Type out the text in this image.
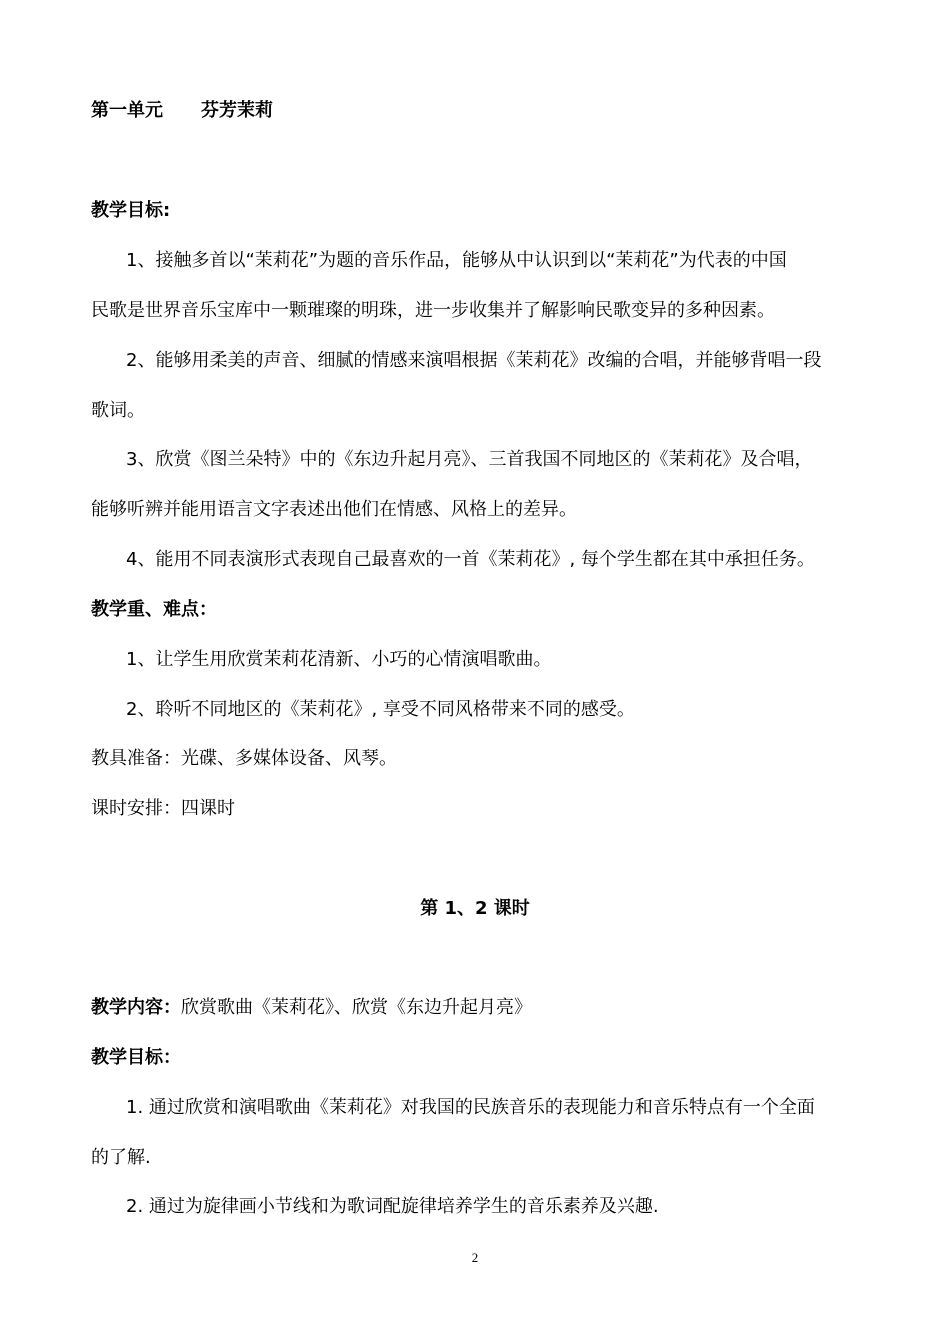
第一单元 芬芳茉莉
教学目标:
1、接触多首以“茉莉花”为题的音乐作品，能够从中认识到以“茉莉花”为代表的中国
民歌是世界音乐宝库中一颗璀璨的明珠，进一步收集并了解影响民歌变异的多种因素。
2、能够用柔美的声音、细腻的情感来演唱根据《茉莉花》改编的合唱，并能够背唱一段
歌词。
3、欣赏《图兰朵特》中的《东边升起月亮》、三首我国不同地区的《茉莉花》及合唱，
能够听辨并能用语言文字表述出他们在情感、风格上的差异。
4、能用不同表演形式表现自己最喜欢的一首《茉莉花》, 每个学生都在其中承担任务。
教学重、难点：
1、让学生用欣赏茉莉花清新、小巧的心情演唱歌曲。
2、聆听不同地区的《茉莉花》, 享受不同风格带来不同的感受。
教具准备：光碟、多媒体设备、风琴。
课时安排：四课时
第 1、2 课时
教学内容：欣赏歌曲《茉莉花》、欣赏《东边升起月亮》
教学目标：
1. 通过欣赏和演唱歌曲《茉莉花》对我国的民族音乐的表现能力和音乐特点有一个全面
的了解.
2. 通过为旋律画小节线和为歌词配旋律培养学生的音乐素养及兴趣.
2
